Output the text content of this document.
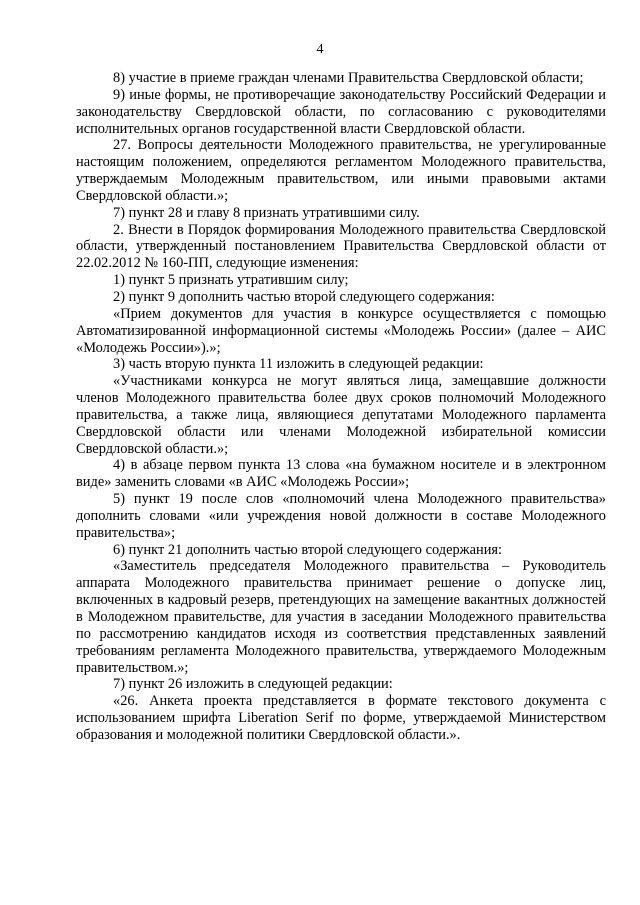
4

8) участие в приеме граждан членами Правительства Свердловской области;

9) иные формы, не противоречащие законодательству Российский Федерации и законодательству Свердловской области, по согласованию с руководителями исполнительных органов государственной власти Свердловской области.

27. Вопросы деятельности Молодежного правительства, не урегулированные настоящим положением, определяются регламентом Молодежного правительства, утверждаемым Молодежным правительством, или иными правовыми актами Свердловской области.»;

7) пункт 28 и главу 8 признать утратившими силу.

2. Внести в Порядок формирования Молодежного правительства Свердловской области, утвержденный постановлением Правительства Свердловской области от 22.02.2012 № 160-ПП, следующие изменения:

1) пункт 5 признать утратившим силу;

2) пункт 9 дополнить частью второй следующего содержания:

«Прием документов для участия в конкурсе осуществляется с помощью Автоматизированной информационной системы «Молодежь России» (далее – АИС «Молодежь России»).»;

3) часть вторую пункта 11 изложить в следующей редакции:

«Участниками конкурса не могут являться лица, замещавшие должности членов Молодежного правительства более двух сроков полномочий Молодежного правительства, а также лица, являющиеся депутатами Молодежного парламента Свердловской области или членами Молодежной избирательной комиссии Свердловской области.»;

4) в абзаце первом пункта 13 слова «на бумажном носителе и в электронном виде» заменить словами «в АИС «Молодежь России»;

5) пункт 19 после слов «полномочий члена Молодежного правительства» дополнить словами «или учреждения новой должности в составе Молодежного правительства»;

6) пункт 21 дополнить частью второй следующего содержания:

«Заместитель председателя Молодежного правительства – Руководитель аппарата Молодежного правительства принимает решение о допуске лиц, включенных в кадровый резерв, претендующих на замещение вакантных должностей в Молодежном правительстве, для участия в заседании Молодежного правительства по рассмотрению кандидатов исходя из соответствия представленных заявлений требованиям регламента Молодежного правительства, утверждаемого Молодежным правительством.»;

7) пункт 26 изложить в следующей редакции:

«26. Анкета проекта представляется в формате текстового документа с использованием шрифта Liberation Serif по форме, утверждаемой Министерством образования и молодежной политики Свердловской области.».
